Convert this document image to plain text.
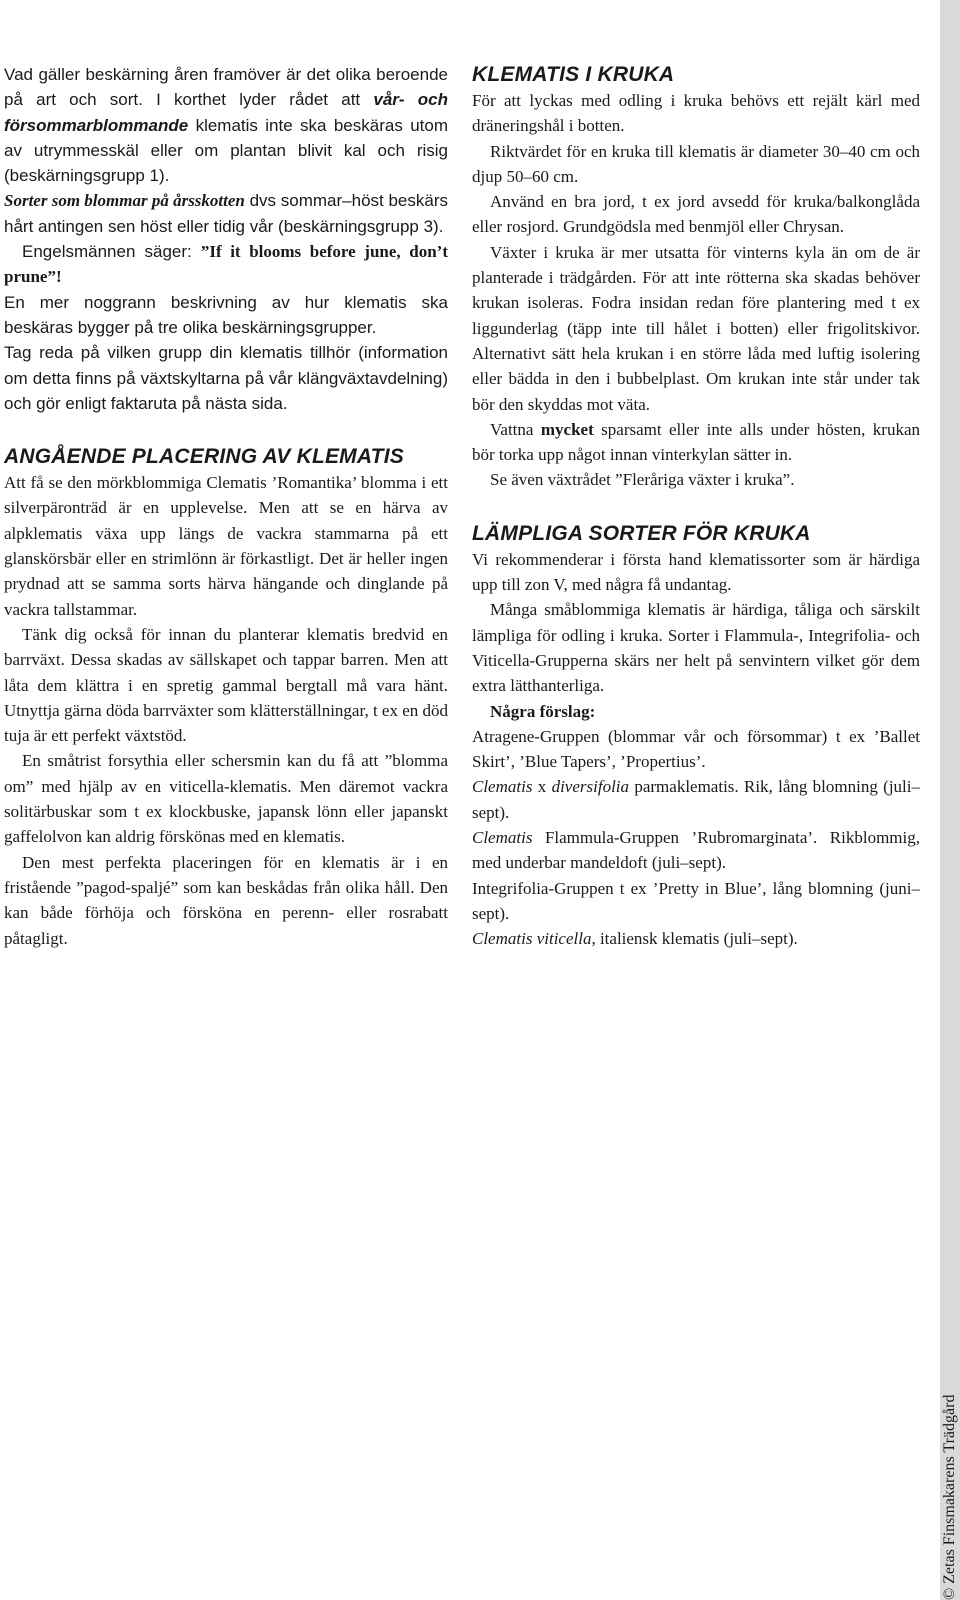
© Zetas Finsmakarens Trädgård

Vad gäller beskärning åren framöver är det olika beroende på art och sort. I korthet lyder rådet att vår- och försommarblommande klematis inte ska beskäras utom av utrymmesskäl eller om plantan blivit kal och risig (beskärningsgrupp 1).

Sorter som blommar på årsskotten dvs sommar–höst beskärs hårt antingen sen höst eller tidig vår (beskärningsgrupp 3).

Engelsmännen säger: ”If it blooms before june, don’t prune”!

En mer noggrann beskrivning av hur klematis ska beskäras bygger på tre olika beskärningsgrupper.

Tag reda på vilken grupp din klematis tillhör (information om detta finns på växtskyltarna på vår klängväxtavdelning) och gör enligt faktaruta på nästa sida.

ANGÅENDE PLACERING AV KLEMATIS

Att få se den mörkblommiga Clematis ’Romantika’ blomma i ett silverpäronträd är en upplevelse. Men att se en härva av alpklematis växa upp längs de vackra stammarna på ett glanskörsbär eller en strimlönn är förkastligt. Det är heller ingen prydnad att se samma sorts härva hängande och dinglande på vackra tallstammar.

Tänk dig också för innan du planterar klematis bredvid en barrväxt. Dessa skadas av sällskapet och tappar barren. Men att låta dem klättra i en spretig gammal bergtall må vara hänt. Utnyttja gärna döda barrväxter som klätterställningar, t ex en död tuja är ett perfekt växtstöd.

En småtrist forsythia eller schersmin kan du få att ”blomma om” med hjälp av en viticella-klematis. Men däremot vackra solitärbuskar som t ex klockbuske, japansk lönn eller japanskt gaffelolvon kan aldrig förskönas med en klematis.

Den mest perfekta placeringen för en klematis är i en fristående ”pagod-spaljé” som kan beskådas från olika håll. Den kan både förhöja och försköna en perenn- eller rosrabatt påtagligt.

KLEMATIS I KRUKA

För att lyckas med odling i kruka behövs ett rejält kärl med dräneringshål i botten.

Riktvärdet för en kruka till klematis är diameter 30–40 cm och djup 50–60 cm.

Använd en bra jord, t ex jord avsedd för kruka/balkonglåda eller rosjord. Grundgödsla med benmjöl eller Chrysan.

Växter i kruka är mer utsatta för vinterns kyla än om de är planterade i trädgården. För att inte rötterna ska skadas behöver krukan isoleras. Fodra insidan redan före plantering med t ex liggunderlag (täpp inte till hålet i botten) eller frigolitskivor. Alternativt sätt hela krukan i en större låda med luftig isolering eller bädda in den i bubbelplast. Om krukan inte står under tak bör den skyddas mot väta.

Vattna mycket sparsamt eller inte alls under hösten, krukan bör torka upp något innan vinterkylan sätter in.

Se även växtrådet ”Fleråriga växter i kruka”.

LÄMPLIGA SORTER FÖR KRUKA

Vi rekommenderar i första hand klematissorter som är härdiga upp till zon V, med några få undantag.

Många småblommiga klematis är härdiga, tåliga och särskilt lämpliga för odling i kruka. Sorter i Flammula-, Integrifolia- och Viticella-Grupperna skärs ner helt på senvintern vilket gör dem extra lätthanterliga.

Några förslag:

Atragene-Gruppen (blommar vår och försommar) t ex ’Ballet Skirt’, ’Blue Tapers’, ’Propertius’.

Clematis x diversifolia parmaklematis. Rik, lång blomning (juli–sept).

Clematis Flammula-Gruppen ’Rubromarginata’. Rikblommig, med underbar mandeldoft (juli–sept).

Integrifolia-Gruppen t ex ’Pretty in Blue’, lång blomning (juni–sept).

Clematis viticella, italiensk klematis (juli–sept).
